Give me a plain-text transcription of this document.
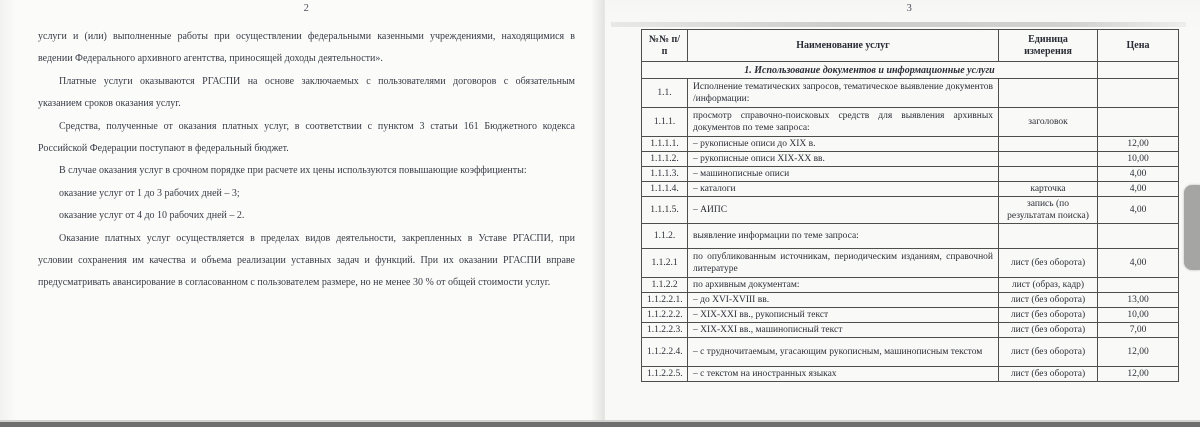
2
услуги и (или) выполненные работы при осуществлении федеральными казенными учреждениями, находящимися в
ведении Федерального архивного агентства, приносящей доходы деятельности».
Платные услуги оказываются РГАСПИ на основе заключаемых с пользователями договоров с обязательным
указанием сроков оказания услуг.
Средства, полученные от оказания платных услуг, в соответствии с пунктом 3 статьи 161 Бюджетного кодекса
Российской Федерации поступают в федеральный бюджет.
В случае оказания услуг в срочном порядке при расчете их цены используются повышающие коэффициенты:
оказание услуг от 1 до 3 рабочих дней – 3;
оказание услуг от 4 до 10 рабочих дней – 2.
Оказание платных услуг осуществляется в пределах видов деятельности, закрепленных в Уставе РГАСПИ, при
условии сохранения им качества и объема реализации уставных задач и функций. При их оказании РГАСПИ вправе
предусматривать авансирование в согласованном с пользователем размере, но не менее 30 % от общей стоимости услуг.
3
№№ п/п	Наименование услуг	Единица измерения	Цена
1. Использование документов и информационные услуги			
1.1.	Исполнение тематических запросов, тематическое выявление документов /информации:		
1.1.1.	просмотр справочно-поисковых средств для выявления архивных документов по теме запроса:	заголовок	
1.1.1.1.	– рукописные описи до XIX в.		12,00
1.1.1.2.	– рукописные описи XIX-XX вв.		10,00
1.1.1.3.	– машинописные описи		4,00
1.1.1.4.	– каталоги	карточка	4,00
1.1.1.5.	– АИПС	запись (по результатам поиска)	4,00
1.1.2.	выявление информации по теме запроса:		
1.1.2.1	по опубликованным источникам, периодическим изданиям, справочной литературе	лист (без оборота)	4,00
1.1.2.2	по архивным документам:	лист (образ, кадр)	
1.1.2.2.1.	– до XVI-XVIII вв.	лист (без оборота)	13,00
1.1.2.2.2.	– XIX-XXI вв., рукописный текст	лист (без оборота)	10,00
1.1.2.2.3.	– XIX-XXI вв., машинописный текст	лист (без оборота)	7,00
1.1.2.2.4.	– с трудночитаемым, угасающим рукописным, машинописным текстом	лист (без оборота)	12,00
1.1.2.2.5.	– с текстом на иностранных языках	лист (без оборота)	12,00
